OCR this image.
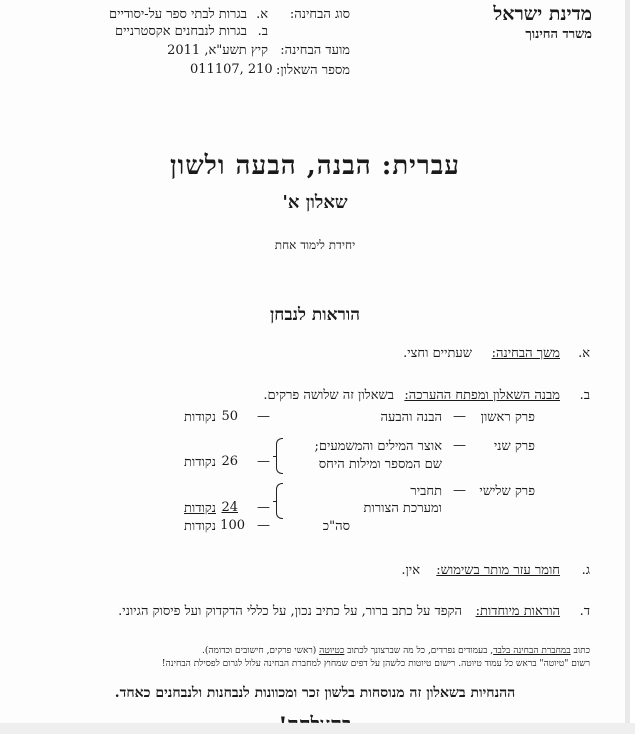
מדינת ישראל
משרד החינוך
סוג הבחינה:
מועד הבחינה:
מספר השאלון:
א.
בגרות לבתי ספר על-יסודיים
ב.
בגרות לנבחנים אקסטרניים
קיץ תשע"א, 2011
011107, 210
עברית: הבנה, הבעה ולשון
שאלון א'
יחידת לימוד אחת
הוראות לנבחן
א.
משך הבחינה:
שעתיים וחצי.
ב.
מבנה השאלון ומפתח ההערכה:
בשאלון זה שלושה פרקים.
פרק ראשון
—
הבנה והבעה
—
50
נקודות
פרק שני
—
אוצר המילים והמשמעים;
שם המספר ומילות היחס
—
26
נקודות
פרק שלישי
—
תחביר
ומערכת הצורות
—
24
נקודות
סה"כ
—
100
נקודות
ג.
חומר עזר מותר בשימוש:
אין.
ד.
הוראות מיוחדות:
הקפד על כתב ברור, על כתיב נכון, על כללי הדקדוק ועל פיסוק הגיוני.
כתוב במחברת הבחינה בלבד, בעמודים נפרדים, כל מה שברצונך לכתוב כטיוטה (ראשי פרקים, חישובים וכדומה).
רשום "טיוטה" בראש כל עמוד טיוטה. רישום טיוטות כלשהן על דפים שמחוץ למחברת הבחינה עלול לגרום לפסילת הבחינה!
ההנחיות בשאלון זה מנוסחות בלשון זכר ומכוונות לנבחנות ולנבחנים כאחד.
